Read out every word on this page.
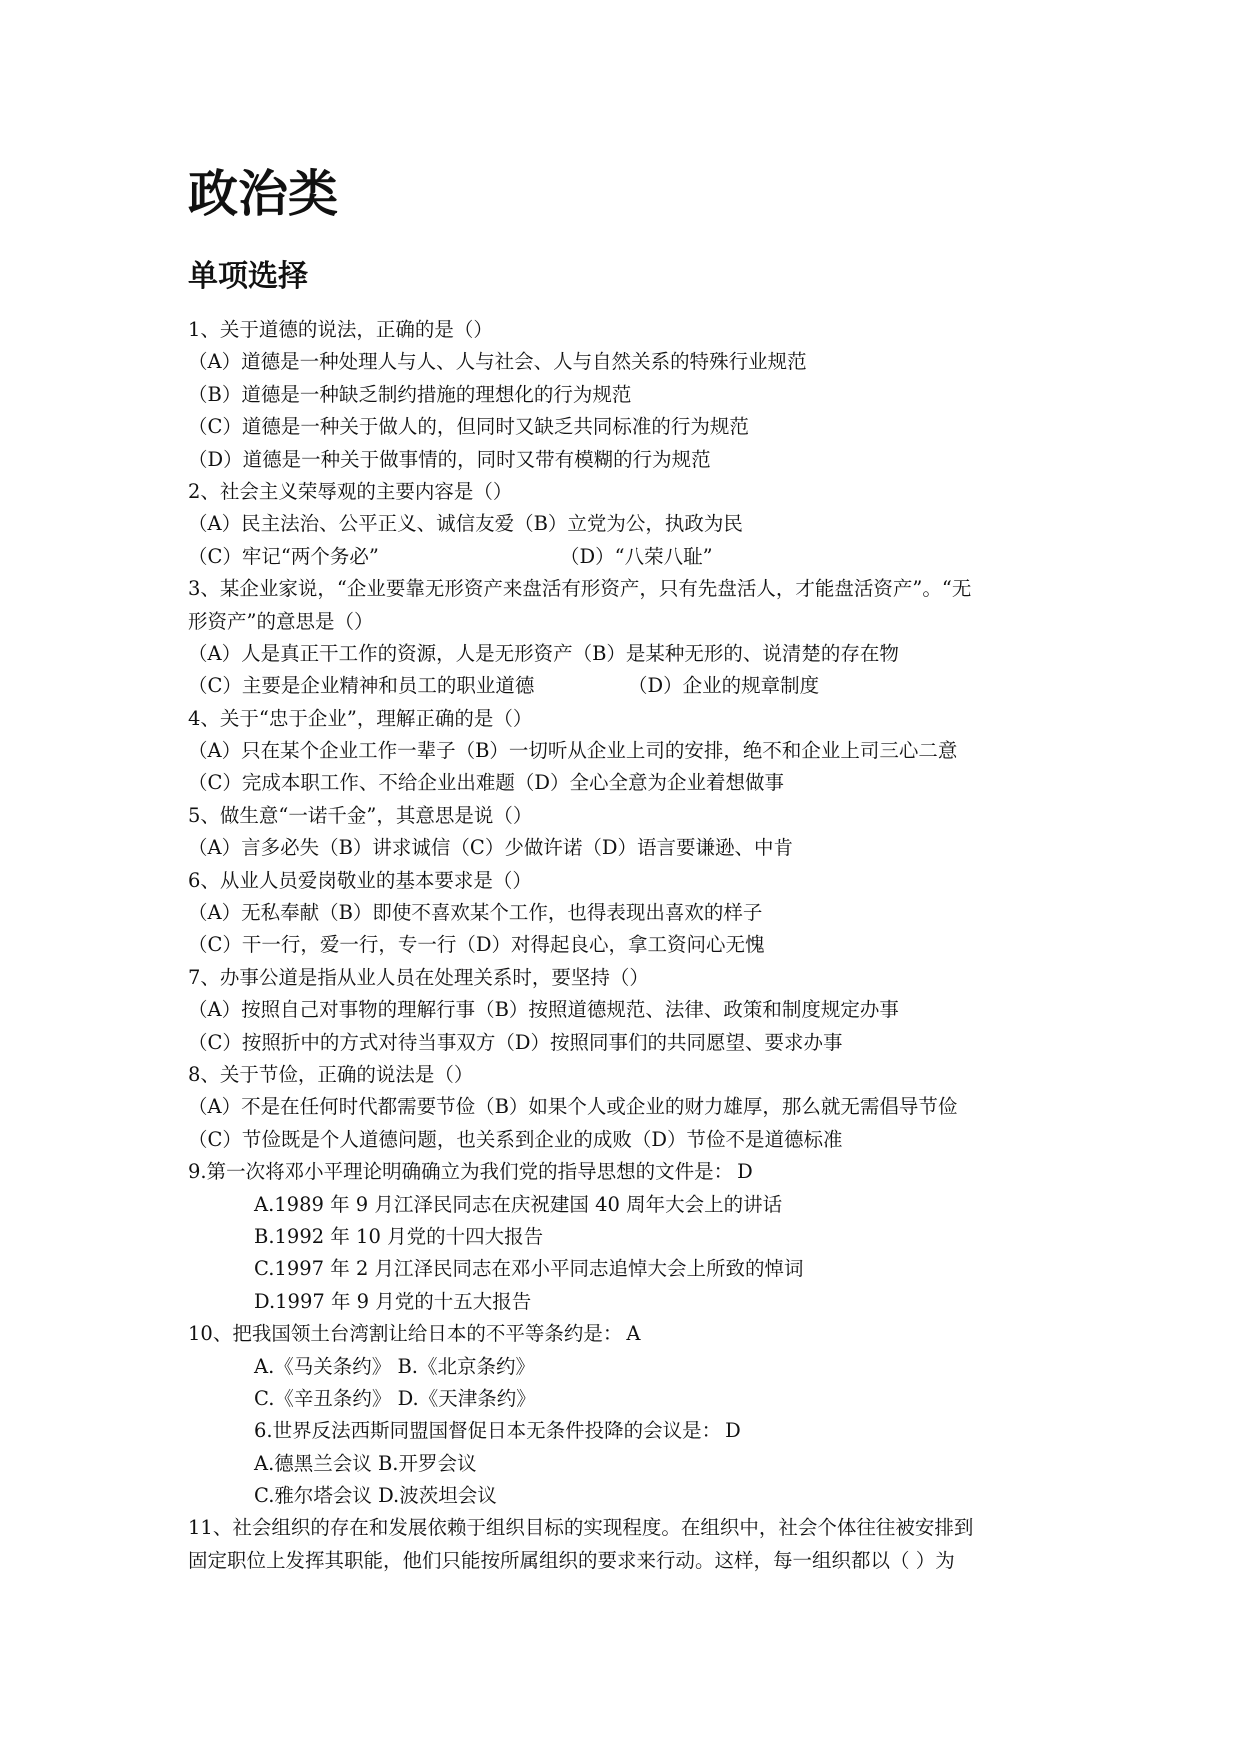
政治类
单项选择
1、关于道德的说法，正确的是（）
（A）道德是一种处理人与人、人与社会、人与自然关系的特殊行业规范
（B）道德是一种缺乏制约措施的理想化的行为规范
（C）道德是一种关于做人的，但同时又缺乏共同标准的行为规范
（D）道德是一种关于做事情的，同时又带有模糊的行为规范
2、社会主义荣辱观的主要内容是（）
（A）民主法治、公平正义、诚信友爱（B）立党为公，执政为民
（C）牢记“两个务必”	（D）“八荣八耻”
3、某企业家说，“企业要靠无形资产来盘活有形资产，只有先盘活人，才能盘活资产”。“无
形资产”的意思是（）
（A）人是真正干工作的资源，人是无形资产（B）是某种无形的、说清楚的存在物
（C）主要是企业精神和员工的职业道德	（D）企业的规章制度
4、关于“忠于企业”，理解正确的是（）
（A）只在某个企业工作一辈子（B）一切听从企业上司的安排，绝不和企业上司三心二意
（C）完成本职工作、不给企业出难题（D）全心全意为企业着想做事
5、做生意“一诺千金”，其意思是说（）
（A）言多必失（B）讲求诚信（C）少做许诺（D）语言要谦逊、中肯
6、从业人员爱岗敬业的基本要求是（）
（A）无私奉献（B）即使不喜欢某个工作，也得表现出喜欢的样子
（C）干一行，爱一行，专一行（D）对得起良心，拿工资问心无愧
7、办事公道是指从业人员在处理关系时，要坚持（）
（A）按照自己对事物的理解行事（B）按照道德规范、法律、政策和制度规定办事
（C）按照折中的方式对待当事双方（D）按照同事们的共同愿望、要求办事
8、关于节俭，正确的说法是（）
（A）不是在任何时代都需要节俭（B）如果个人或企业的财力雄厚，那么就无需倡导节俭
（C）节俭既是个人道德问题，也关系到企业的成败（D）节俭不是道德标准
9.第一次将邓小平理论明确确立为我们党的指导思想的文件是： D
A.1989 年 9 月江泽民同志在庆祝建国 40 周年大会上的讲话
B.1992 年 10 月党的十四大报告
C.1997 年 2 月江泽民同志在邓小平同志追悼大会上所致的悼词
D.1997 年 9 月党的十五大报告
10、把我国领土台湾割让给日本的不平等条约是： A
A.《马关条约》 B.《北京条约》
C.《辛丑条约》 D.《天津条约》
6.世界反法西斯同盟国督促日本无条件投降的会议是： D
A.德黑兰会议 B.开罗会议
C.雅尔塔会议 D.波茨坦会议
11、社会组织的存在和发展依赖于组织目标的实现程度。在组织中，社会个体往往被安排到
固定职位上发挥其职能，他们只能按所属组织的要求来行动。这样，每一组织都以（ ）为
